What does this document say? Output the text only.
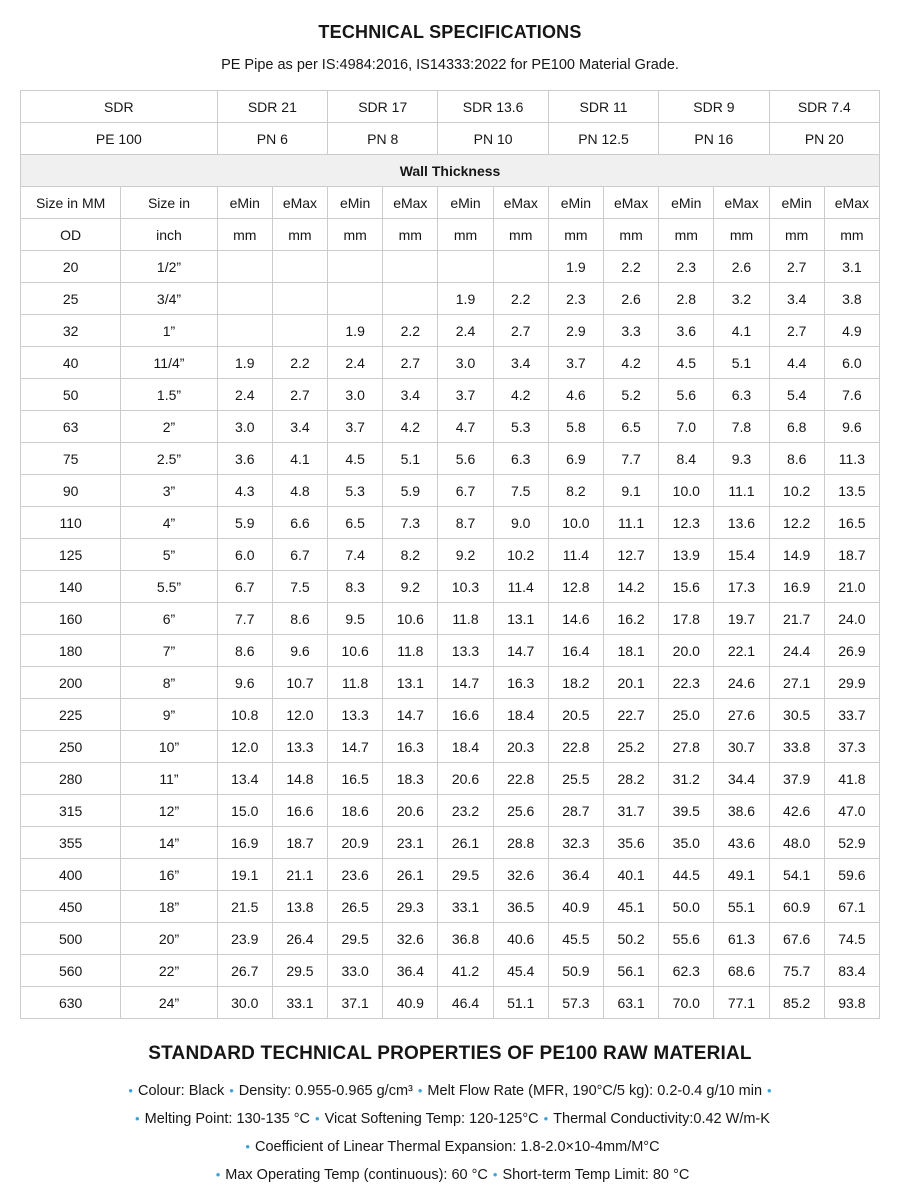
TECHNICAL SPECIFICATIONS
PE Pipe as per IS:4984:2016, IS14333:2022 for PE100 Material Grade.
SDR		SDR 21		SDR 17		SDR 13.6		SDR 11		SDR 9		SDR 7.4	
PE 100		PN 6		PN 8		PN 10		PN 12.5		PN 16		PN 20	
Wall Thickness													
Size in MM	Size in	eMin	eMax	eMin	eMax	eMin	eMax	eMin	eMax	eMin	eMax	eMin	eMax
OD	inch	mm	mm	mm	mm	mm	mm	mm	mm	mm	mm	mm	mm
20	1/2”							1.9	2.2	2.3	2.6	2.7	3.1
25	3/4”					1.9	2.2	2.3	2.6	2.8	3.2	3.4	3.8
32	1”			1.9	2.2	2.4	2.7	2.9	3.3	3.6	4.1	2.7	4.9
40	11/4”	1.9	2.2	2.4	2.7	3.0	3.4	3.7	4.2	4.5	5.1	4.4	6.0
50	1.5”	2.4	2.7	3.0	3.4	3.7	4.2	4.6	5.2	5.6	6.3	5.4	7.6
63	2”	3.0	3.4	3.7	4.2	4.7	5.3	5.8	6.5	7.0	7.8	6.8	9.6
75	2.5”	3.6	4.1	4.5	5.1	5.6	6.3	6.9	7.7	8.4	9.3	8.6	11.3
90	3”	4.3	4.8	5.3	5.9	6.7	7.5	8.2	9.1	10.0	11.1	10.2	13.5
110	4”	5.9	6.6	6.5	7.3	8.7	9.0	10.0	11.1	12.3	13.6	12.2	16.5
125	5”	6.0	6.7	7.4	8.2	9.2	10.2	11.4	12.7	13.9	15.4	14.9	18.7
140	5.5”	6.7	7.5	8.3	9.2	10.3	11.4	12.8	14.2	15.6	17.3	16.9	21.0
160	6”	7.7	8.6	9.5	10.6	11.8	13.1	14.6	16.2	17.8	19.7	21.7	24.0
180	7”	8.6	9.6	10.6	11.8	13.3	14.7	16.4	18.1	20.0	22.1	24.4	26.9
200	8”	9.6	10.7	11.8	13.1	14.7	16.3	18.2	20.1	22.3	24.6	27.1	29.9
225	9”	10.8	12.0	13.3	14.7	16.6	18.4	20.5	22.7	25.0	27.6	30.5	33.7
250	10”	12.0	13.3	14.7	16.3	18.4	20.3	22.8	25.2	27.8	30.7	33.8	37.3
280	11”	13.4	14.8	16.5	18.3	20.6	22.8	25.5	28.2	31.2	34.4	37.9	41.8
315	12”	15.0	16.6	18.6	20.6	23.2	25.6	28.7	31.7	39.5	38.6	42.6	47.0
355	14”	16.9	18.7	20.9	23.1	26.1	28.8	32.3	35.6	35.0	43.6	48.0	52.9
400	16”	19.1	21.1	23.6	26.1	29.5	32.6	36.4	40.1	44.5	49.1	54.1	59.6
450	18”	21.5	13.8	26.5	29.3	33.1	36.5	40.9	45.1	50.0	55.1	60.9	67.1
500	20”	23.9	26.4	29.5	32.6	36.8	40.6	45.5	50.2	55.6	61.3	67.6	74.5
560	22”	26.7	29.5	33.0	36.4	41.2	45.4	50.9	56.1	62.3	68.6	75.7	83.4
630	24”	30.0	33.1	37.1	40.9	46.4	51.1	57.3	63.1	70.0	77.1	85.2	93.8
STANDARD TECHNICAL PROPERTIES OF PE100 RAW MATERIAL
• Colour: Black • Density: 0.955-0.965 g/cm³ • Melt Flow Rate (MFR, 190°C/5 kg): 0.2-0.4 g/10 min •
• Melting Point: 130-135 °C • Vicat Softening Temp: 120-125°C • Thermal Conductivity:0.42 W/m-K
• Coefficient of Linear Thermal Expansion: 1.8-2.0×10-4mm/M°C
• Max Operating Temp (continuous): 60 °C • Short-term Temp Limit: 80 °C
